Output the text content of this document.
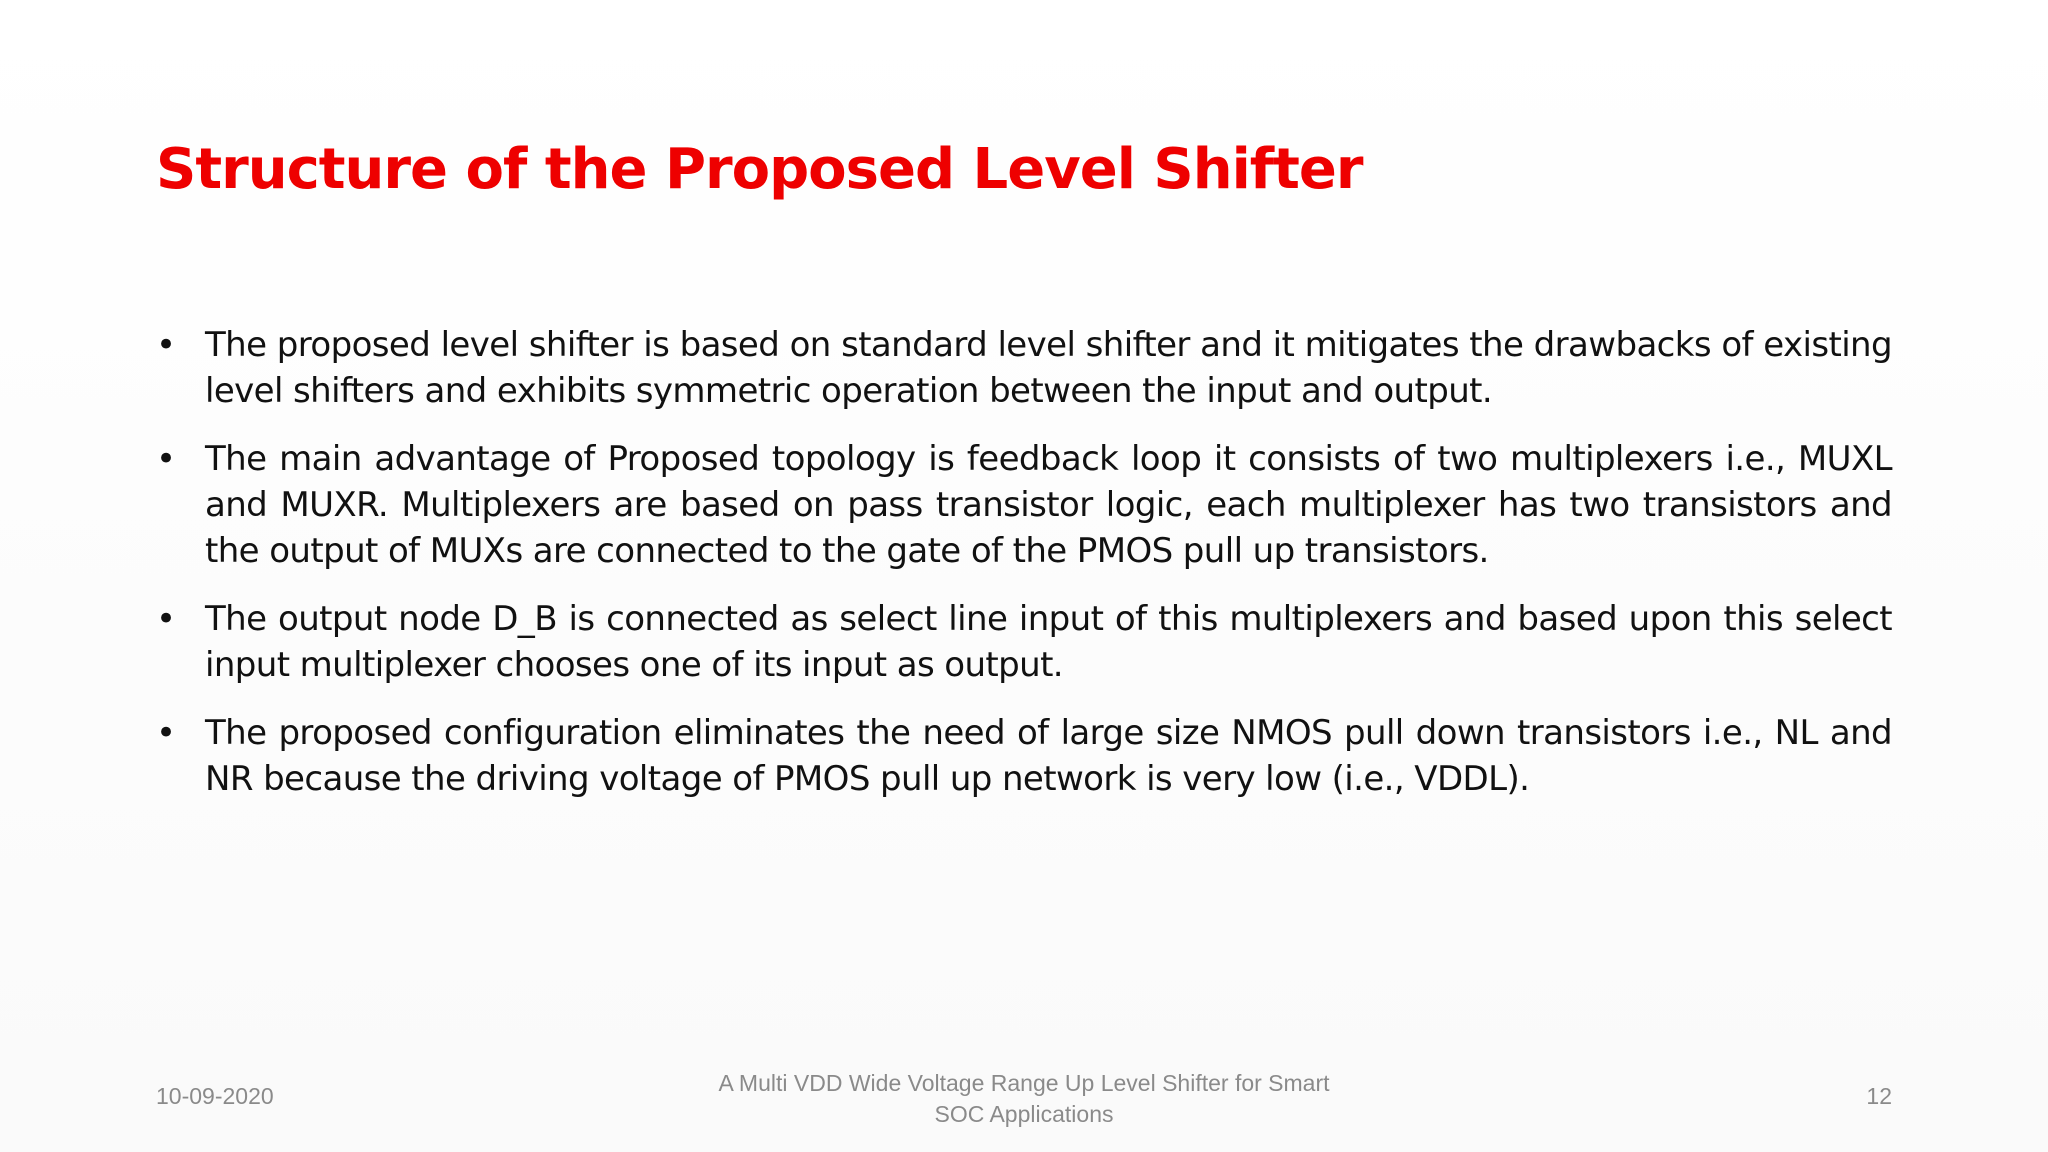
Structure of the Proposed Level Shifter
• The proposed level shifter is based on standard level shifter and it mitigates the drawbacks of existing level shifters and exhibits symmetric operation between the input and output.
• The main advantage of Proposed topology is feedback loop it consists of two multiplexers i.e., MUXL and MUXR. Multiplexers are based on pass transistor logic, each multiplexer has two transistors and the output of MUXs are connected to the gate of the PMOS pull up transistors.
• The output node D_B is connected as select line input of this multiplexers and based upon this select input multiplexer chooses one of its input as output.
• The proposed configuration eliminates the need of large size NMOS pull down transistors i.e., NL and NR because the driving voltage of PMOS pull up network is very low (i.e., VDDL).
10-09-2020	A Multi VDD Wide Voltage Range Up Level Shifter for Smart SOC Applications
12
